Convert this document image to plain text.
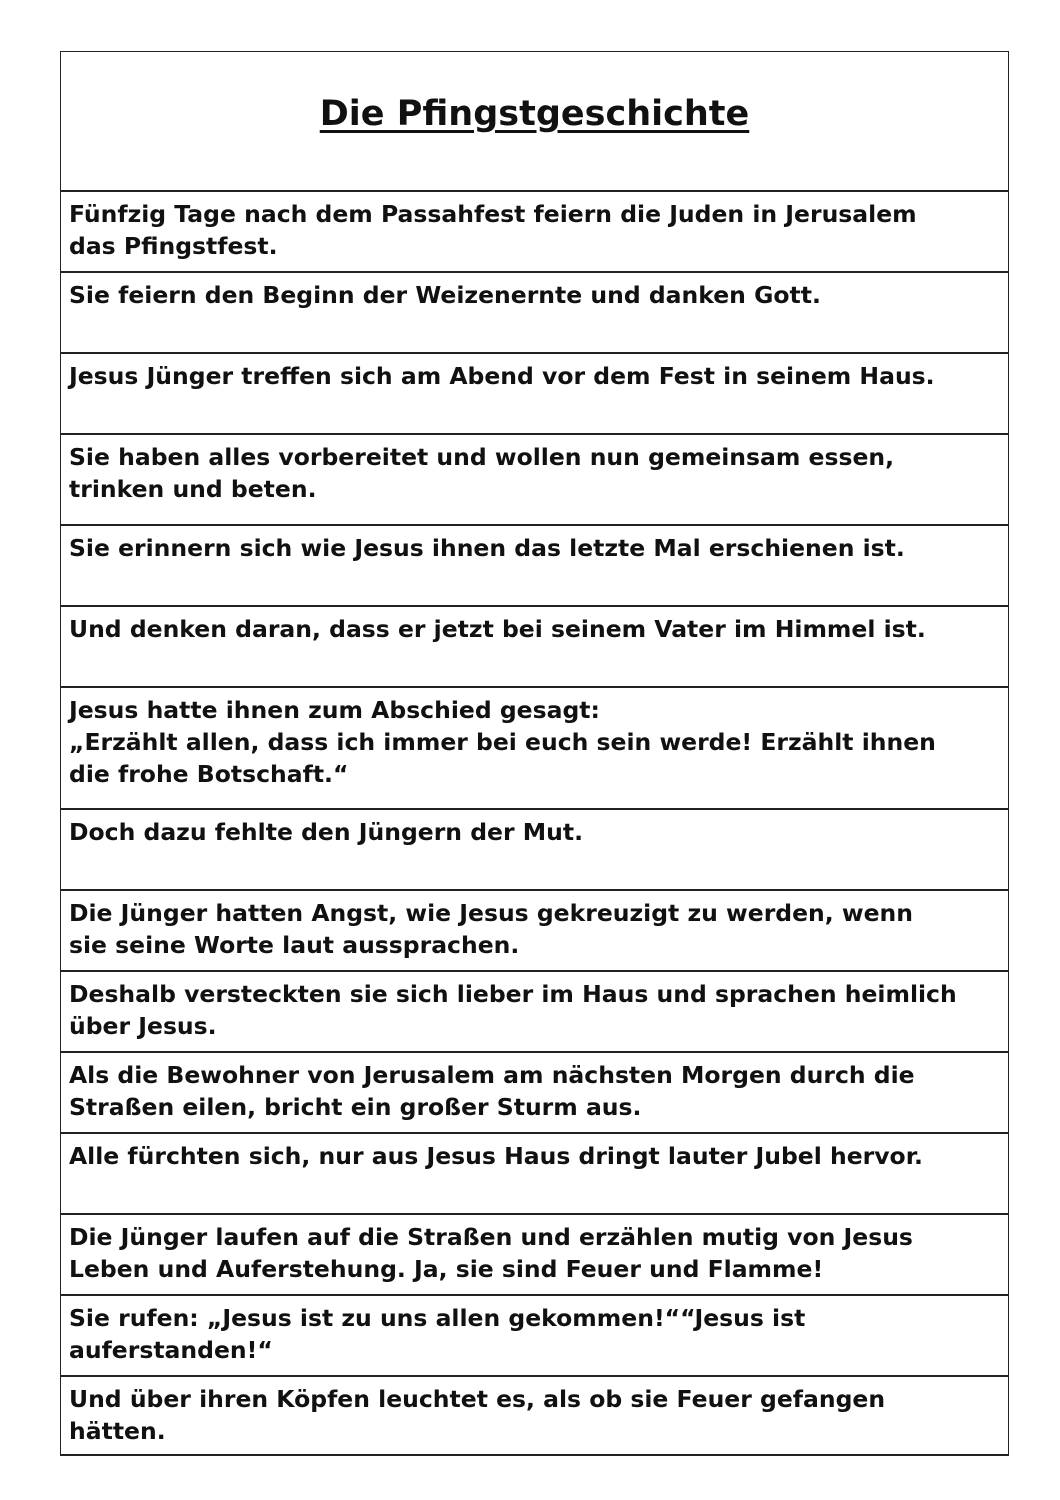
Die Pfingstgeschichte
Fünfzig Tage nach dem Passahfest feiern die Juden in Jerusalem
das Pfingstfest.
Sie feiern den Beginn der Weizenernte und danken Gott.
Jesus Jünger treffen sich am Abend vor dem Fest in seinem Haus.
Sie haben alles vorbereitet und wollen nun gemeinsam essen,
trinken und beten.
Sie erinnern sich wie Jesus ihnen das letzte Mal erschienen ist.
Und denken daran, dass er jetzt bei seinem Vater im Himmel ist.
Jesus hatte ihnen zum Abschied gesagt:
„Erzählt allen, dass ich immer bei euch sein werde! Erzählt ihnen
die frohe Botschaft.“
Doch dazu fehlte den Jüngern der Mut.
Die Jünger hatten Angst, wie Jesus gekreuzigt zu werden, wenn
sie seine Worte laut aussprachen.
Deshalb versteckten sie sich lieber im Haus und sprachen heimlich
über Jesus.
Als die Bewohner von Jerusalem am nächsten Morgen durch die
Straßen eilen, bricht ein großer Sturm aus.
Alle fürchten sich, nur aus Jesus Haus dringt lauter Jubel hervor.
Die Jünger laufen auf die Straßen und erzählen mutig von Jesus
Leben und Auferstehung. Ja, sie sind Feuer und Flamme!
Sie rufen: „Jesus ist zu uns allen gekommen!““Jesus ist
auferstanden!“
Und über ihren Köpfen leuchtet es, als ob sie Feuer gefangen
hätten.
